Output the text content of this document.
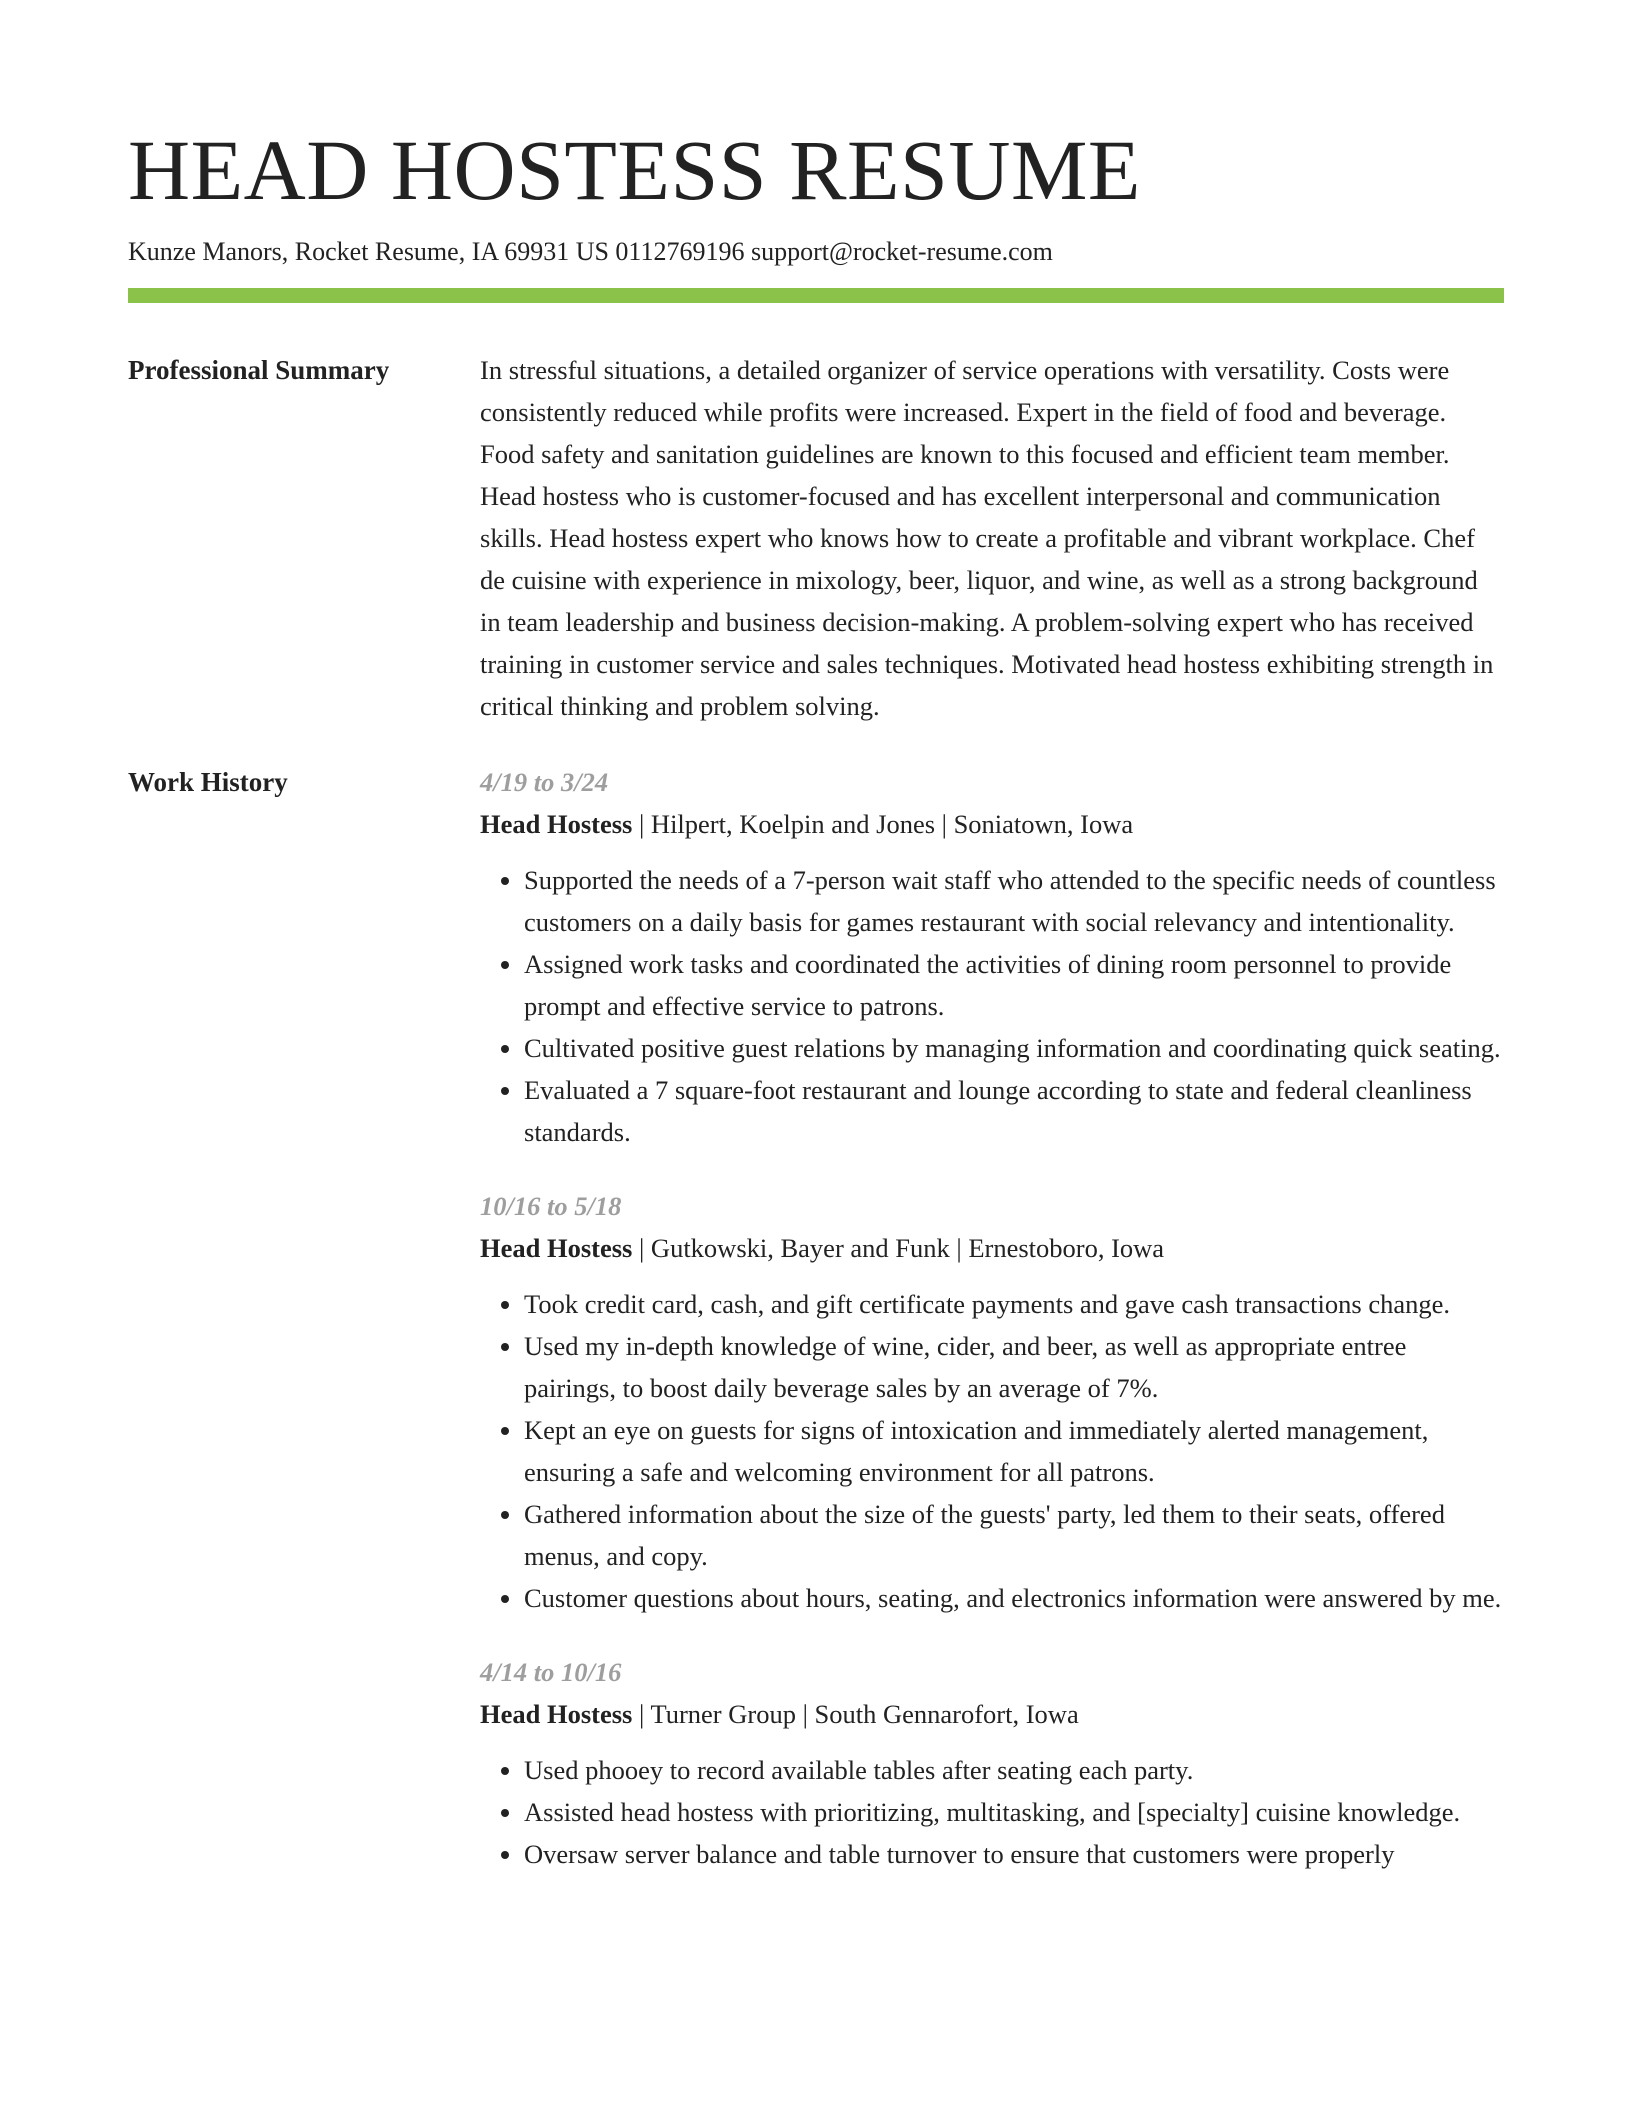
HEAD HOSTESS RESUME
Kunze Manors, Rocket Resume, IA 69931 US 0112769196 support@rocket-resume.com
Professional Summary	In stressful situations, a detailed organizer of service operations with versatility. Costs were consistently reduced while profits were increased. Expert in the field of food and beverage. Food safety and sanitation guidelines are known to this focused and efficient team member. Head hostess who is customer-focused and has excellent interpersonal and communication skills. Head hostess expert who knows how to create a profitable and vibrant workplace. Chef de cuisine with experience in mixology, beer, liquor, and wine, as well as a strong background in team leadership and business decision-making. A problem-solving expert who has received training in customer service and sales techniques. Motivated head hostess exhibiting strength in critical thinking and problem solving.

Work History	4/19 to 3/24
Head Hostess | Hilpert, Koelpin and Jones | Soniatown, Iowa
• Supported the needs of a 7-person wait staff who attended to the specific needs of countless customers on a daily basis for games restaurant with social relevancy and intentionality.
• Assigned work tasks and coordinated the activities of dining room personnel to provide prompt and effective service to patrons.
• Cultivated positive guest relations by managing information and coordinating quick seating.
• Evaluated a 7 square-foot restaurant and lounge according to state and federal cleanliness standards.
10/16 to 5/18
Head Hostess | Gutkowski, Bayer and Funk | Ernestoboro, Iowa
• Took credit card, cash, and gift certificate payments and gave cash transactions change.
• Used my in-depth knowledge of wine, cider, and beer, as well as appropriate entree pairings, to boost daily beverage sales by an average of 7%.
• Kept an eye on guests for signs of intoxication and immediately alerted management, ensuring a safe and welcoming environment for all patrons.
• Gathered information about the size of the guests' party, led them to their seats, offered menus, and copy.
• Customer questions about hours, seating, and electronics information were answered by me.
4/14 to 10/16
Head Hostess | Turner Group | South Gennarofort, Iowa
• Used phooey to record available tables after seating each party.
• Assisted head hostess with prioritizing, multitasking, and [specialty] cuisine knowledge.
• Oversaw server balance and table turnover to ensure that customers were properly
